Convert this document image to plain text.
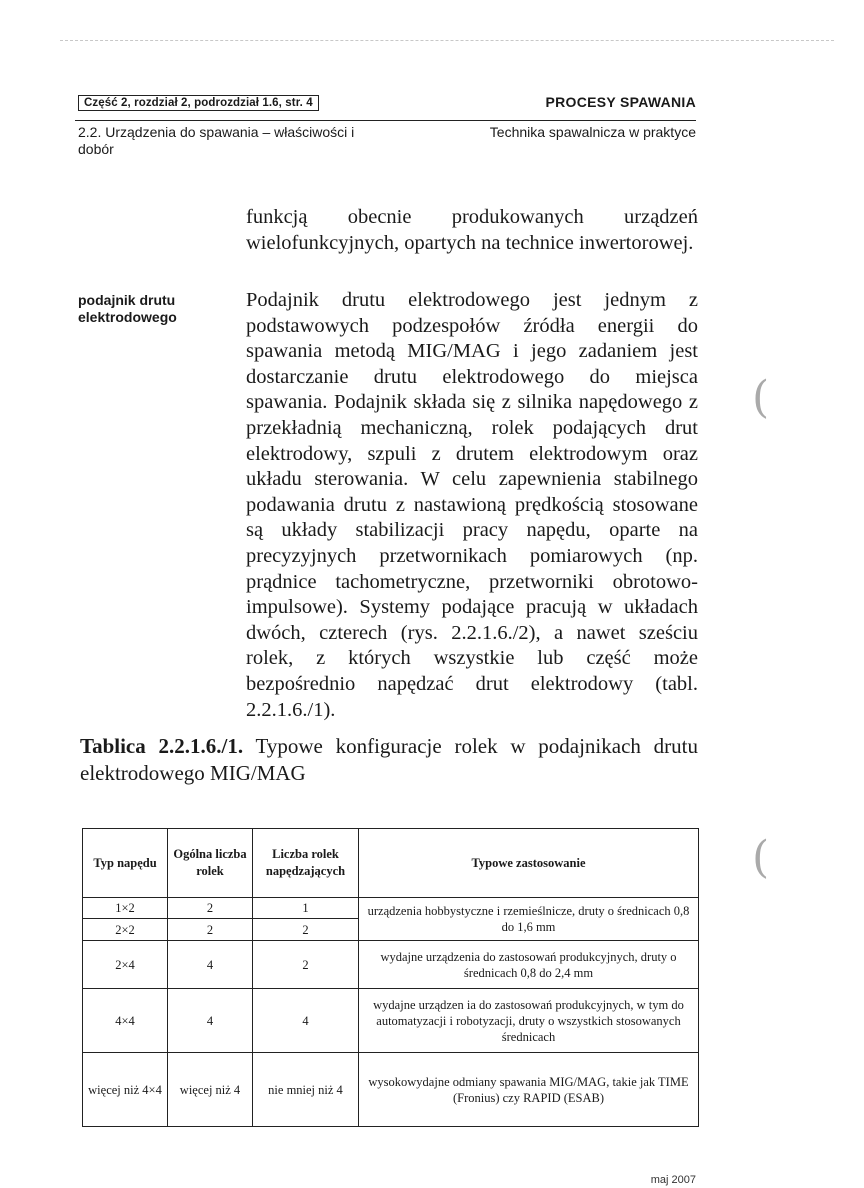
Część 2, rozdział 2, podrozdział 1.6, str. 4	PROCESY SPAWANIA
2.2. Urządzenia do spawania – właściwości i dobór
Technika spawalnicza w praktyce
funkcją obecnie produkowanych urządzeń wielofunkcyjnych, opartych na technice inwertorowej.
podajnik drutu elektrodowego
Podajnik drutu elektrodowego jest jednym z podstawowych podzespołów źródła energii do spawania metodą MIG/MAG i jego zadaniem jest dostarczanie drutu elektrodowego do miejsca spawania. Podajnik składa się z silnika napędowego z przekładnią mechaniczną, rolek podających drut elektrodowy, szpuli z drutem elektrodowym oraz układu sterowania. W celu zapewnienia stabilnego podawania drutu z nastawioną prędkością stosowane są układy stabilizacji pracy napędu, oparte na precyzyjnych przetwornikach pomiarowych (np. prądnice tachometryczne, przetworniki obrotowo-impulsowe). Systemy podające pracują w układach dwóch, czterech (rys. 2.2.1.6./2), a nawet sześciu rolek, z których wszystkie lub część może bezpośrednio napędzać drut elektrodowy (tabl. 2.2.1.6./1).
(
(
Tablica 2.2.1.6./1. Typowe konfiguracje rolek w podajnikach drutu elektrodowego MIG/MAG
Typ napędu	Ogólna liczba rolek	Liczba rolek napędzających	Typowe zastosowanie
1×2	2	1	urządzenia hobbystyczne i rzemieślnicze, druty o średnicach 0,8 do 1,6 mm
2×2	2	2	
2×4	4	2	wydajne urządzenia do zastosowań produkcyjnych, druty o średnicach 0,8 do 2,4 mm
4×4	4	4	wydajne urządzen ia do zastosowań produkcyjnych, w tym do automatyzacji i robotyzacji, druty o wszystkich stosowanych średnicach
więcej niż 4×4	więcej niż 4	nie mniej niż 4	wysokowydajne odmiany spawania MIG/MAG, takie jak TIME (Fronius) czy RAPID (ESAB)
maj 2007
